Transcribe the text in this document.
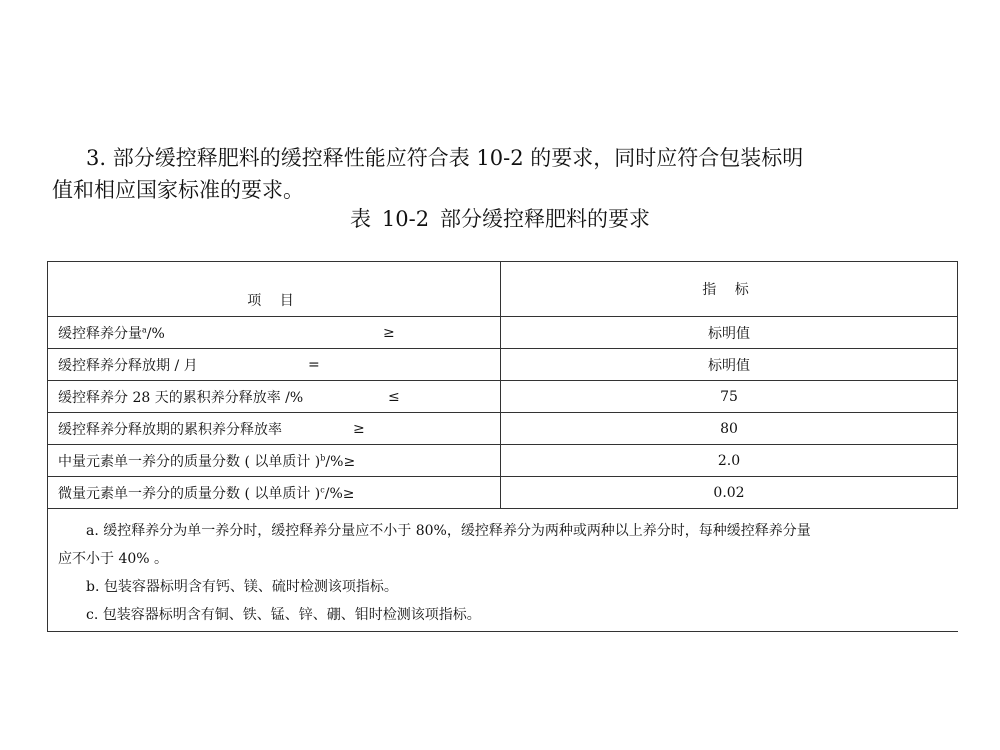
3. 部分缓控释肥料的缓控释性能应符合表 10-2 的要求，同时应符合包装标明
值和相应国家标准的要求。

表 10-2 部分缓控释肥料的要求

项 目	指 标
缓控释养分量$^a$/% ≥	标明值
缓控释养分释放期 / 月 =	标明值
缓控释养分 28 天的累积养分释放率 /% ≤	75
缓控释养分释放期的累积养分释放率 ≥	80
中量元素单一养分的质量分数 ( 以单质计 )$^b$/%≥	2.0
微量元素单一养分的质量分数 ( 以单质计 )$^c$/%≥	0.02

a. 缓控释养分为单一养分时，缓控释养分量应不小于 80%，缓控释养分为两种或两种以上养分时，每种缓控释养分量
应不小于 40% 。
b. 包装容器标明含有钙、镁、硫时检测该项指标。
c. 包装容器标明含有铜、铁、锰、锌、硼、钼时检测该项指标。	
